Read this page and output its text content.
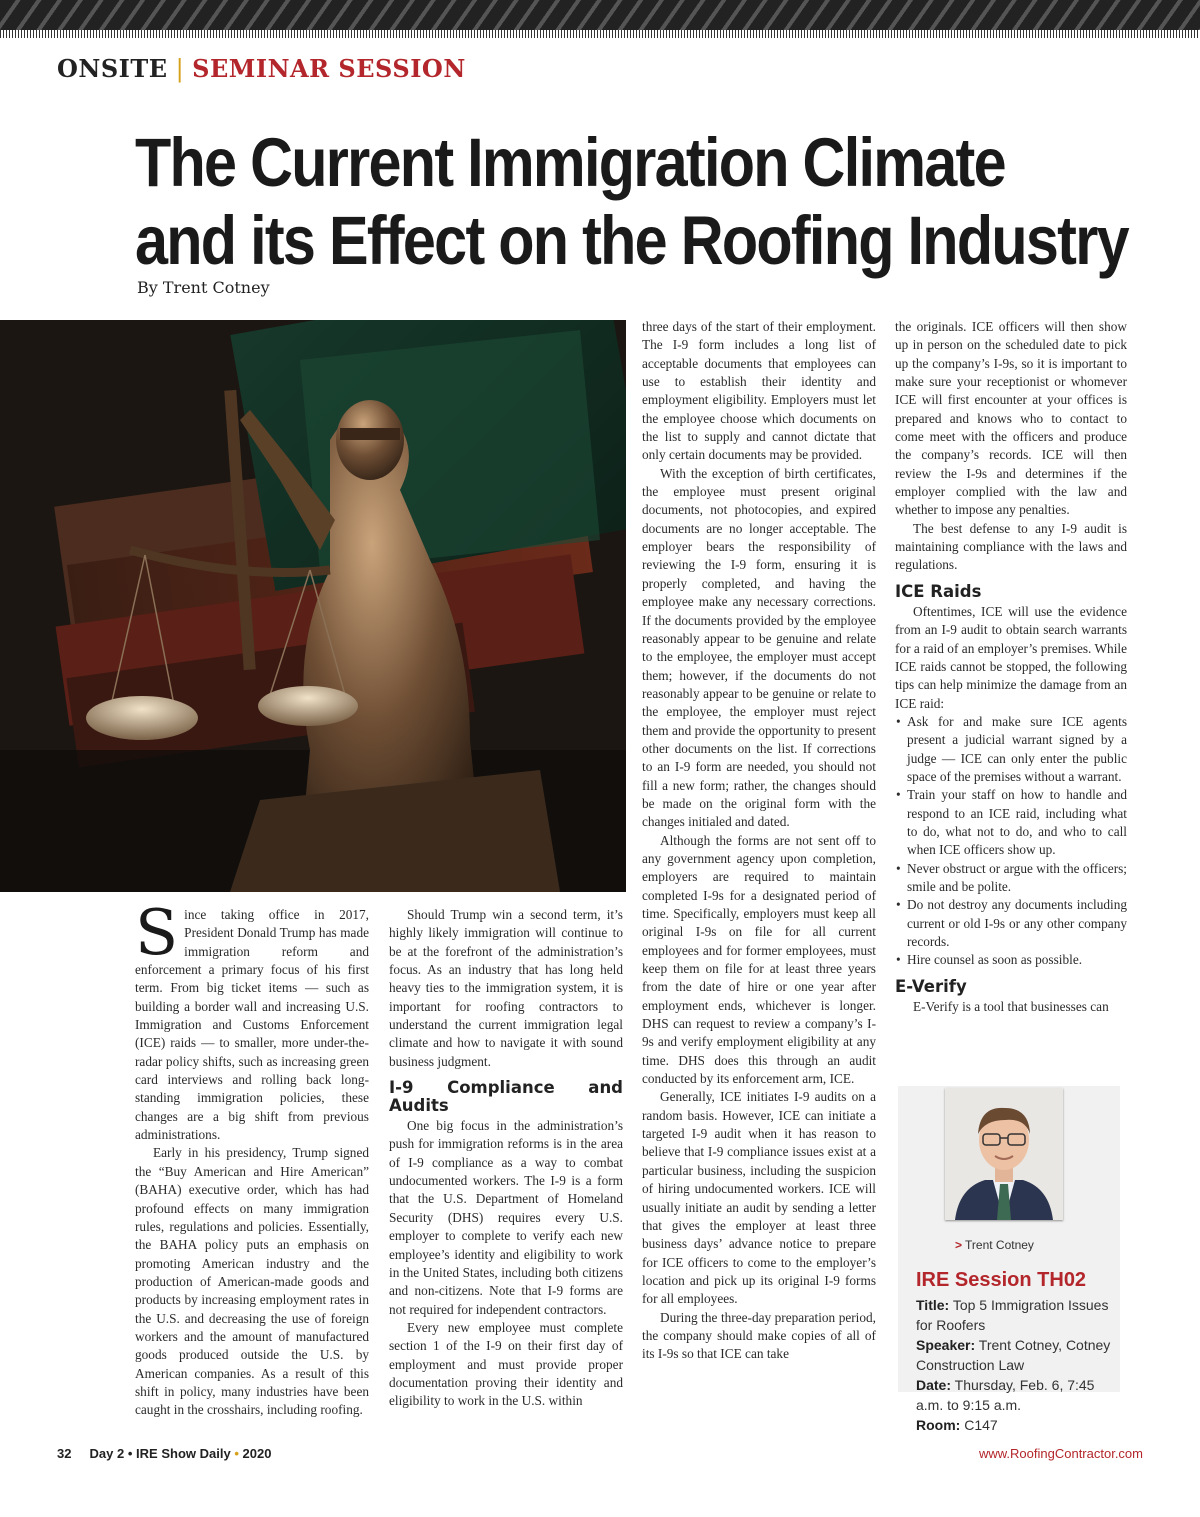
ONSITE | SEMINAR SESSION
The Current Immigration Climate
and its Effect on the Roofing Industry
By Trent Cotney

Since taking office in 2017, President Donald Trump has made immigration reform and enforcement a primary focus of his first term. From big ticket items — such as building a border wall and increasing U.S. Immigration and Customs Enforcement (ICE) raids — to smaller, more under-the-radar policy shifts, such as increasing green card interviews and rolling back long-standing immigration policies, these changes are a big shift from previous administrations.

Early in his presidency, Trump signed the “Buy American and Hire American” (BAHA) executive order, which has had profound effects on many immigration rules, regulations and policies. Essentially, the BAHA policy puts an emphasis on promoting American industry and the production of American-made goods and products by increasing employment rates in the U.S. and decreasing the use of foreign workers and the amount of manufactured goods produced outside the U.S. by American companies. As a result of this shift in policy, many industries have been caught in the crosshairs, including roofing.

Should Trump win a second term, it’s highly likely immigration will continue to be at the forefront of the administration’s focus. As an industry that has long held heavy ties to the immigration system, it is important for roofing contractors to understand the current immigration legal climate and how to navigate it with sound business judgment.

I-9 Compliance and Audits

One big focus in the administration’s push for immigration reforms is in the area of I-9 compliance as a way to combat undocumented workers. The I-9 is a form that the U.S. Department of Homeland Security (DHS) requires every U.S. employer to complete to verify each new employee’s identity and eligibility to work in the United States, including both citizens and non-citizens. Note that I-9 forms are not required for independent contractors.

Every new employee must complete section 1 of the I-9 on their first day of employment and must provide proper documentation proving their identity and eligibility to work in the U.S. within

three days of the start of their employment. The I-9 form includes a long list of acceptable documents that employees can use to establish their identity and employment eligibility. Employers must let the employee choose which documents on the list to supply and cannot dictate that only certain documents may be provided.

With the exception of birth certificates, the employee must present original documents, not photocopies, and expired documents are no longer acceptable. The employer bears the responsibility of reviewing the I-9 form, ensuring it is properly completed, and having the employee make any necessary corrections. If the documents provided by the employee reasonably appear to be genuine and relate to the employee, the employer must accept them; however, if the documents do not reasonably appear to be genuine or relate to the employee, the employer must reject them and provide the opportunity to present other documents on the list. If corrections to an I-9 form are needed, you should not fill a new form; rather, the changes should be made on the original form with the changes initialed and dated.

Although the forms are not sent off to any government agency upon completion, employers are required to maintain completed I-9s for a designated period of time. Specifically, employers must keep all original I-9s on file for all current employees and for former employees, must keep them on file for at least three years from the date of hire or one year after employment ends, whichever is longer. DHS can request to review a company’s I-9s and verify employment eligibility at any time. DHS does this through an audit conducted by its enforcement arm, ICE.

Generally, ICE initiates I-9 audits on a random basis. However, ICE can initiate a targeted I-9 audit when it has reason to believe that I-9 compliance issues exist at a particular business, including the suspicion of hiring undocumented workers. ICE will usually initiate an audit by sending a letter that gives the employer at least three business days’ advance notice to prepare for ICE officers to come to the employer’s location and pick up its original I-9 forms for all employees.

During the three-day preparation period, the company should make copies of all of its I-9s so that ICE can take

the originals. ICE officers will then show up in person on the scheduled date to pick up the company’s I-9s, so it is important to make sure your receptionist or whomever ICE will first encounter at your offices is prepared and knows who to contact to come meet with the officers and produce the company’s records. ICE will then review the I-9s and determines if the employer complied with the law and whether to impose any penalties.

The best defense to any I-9 audit is maintaining compliance with the laws and regulations.

ICE Raids

Oftentimes, ICE will use the evidence from an I-9 audit to obtain search warrants for a raid of an employer’s premises. While ICE raids cannot be stopped, the following tips can help minimize the damage from an ICE raid:

• Ask for and make sure ICE agents present a judicial warrant signed by a judge — ICE can only enter the public space of the premises without a warrant.
• Train your staff on how to handle and respond to an ICE raid, including what to do, what not to do, and who to call when ICE officers show up.
• Never obstruct or argue with the officers; smile and be polite.
• Do not destroy any documents including current or old I-9s or any other company records.
• Hire counsel as soon as possible.
E-Verify

E-Verify is a tool that businesses can

> Trent Cotney
IRE Session TH02
Title: Top 5 Immigration Issues for Roofers
Speaker: Trent Cotney, Cotney Construction Law
Date: Thursday, Feb. 6, 7:45 a.m. to 9:15 a.m.
Room: C147
32 Day 2 • IRE Show Daily • 2020	www.RoofingContractor.com
